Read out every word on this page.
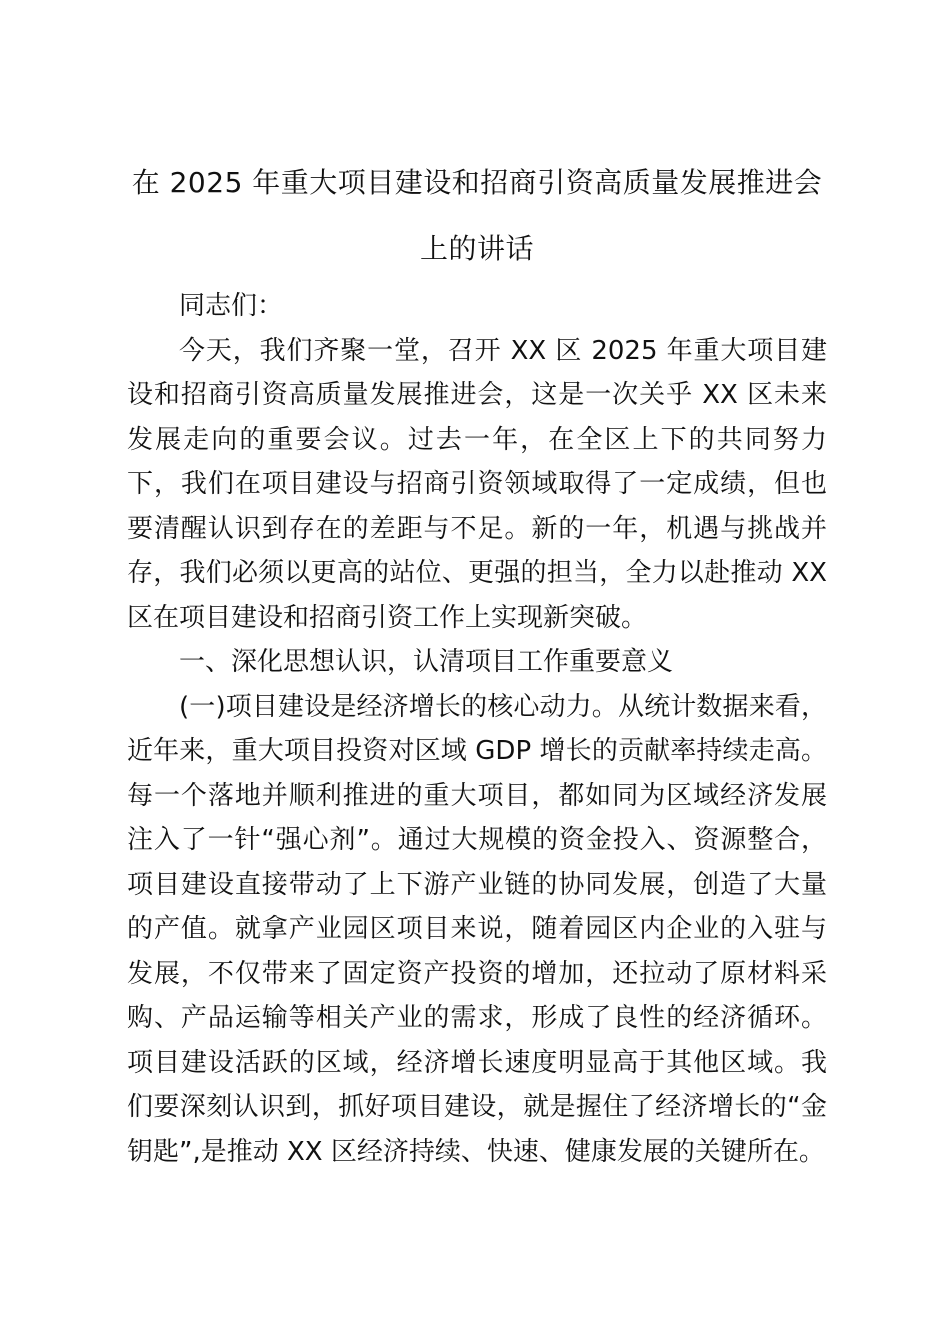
在 2025 年重大项目建设和招商引资高质量发展推进会上的讲话

同志们：

今天，我们齐聚一堂，召开 XX 区 2025 年重大项目建设和招商引资高质量发展推进会，这是一次关乎 XX 区未来发展走向的重要会议。过去一年，在全区上下的共同努力下，我们在项目建设与招商引资领域取得了一定成绩，但也要清醒认识到存在的差距与不足。新的一年，机遇与挑战并存，我们必须以更高的站位、更强的担当，全力以赴推动 XX 区在项目建设和招商引资工作上实现新突破。

一、深化思想认识，认清项目工作重要意义

(一)项目建设是经济增长的核心动力。从统计数据来看，近年来，重大项目投资对区域 GDP 增长的贡献率持续走高。每一个落地并顺利推进的重大项目，都如同为区域经济发展注入了一针“强心剂”。通过大规模的资金投入、资源整合，项目建设直接带动了上下游产业链的协同发展，创造了大量的产值。就拿产业园区项目来说，随着园区内企业的入驻与发展，不仅带来了固定资产投资的增加，还拉动了原材料采购、产品运输等相关产业的需求，形成了良性的经济循环。项目建设活跃的区域，经济增长速度明显高于其他区域。我们要深刻认识到，抓好项目建设，就是握住了经济增长的“金钥匙”,是推动 XX 区经济持续、快速、健康发展的关键所在。
